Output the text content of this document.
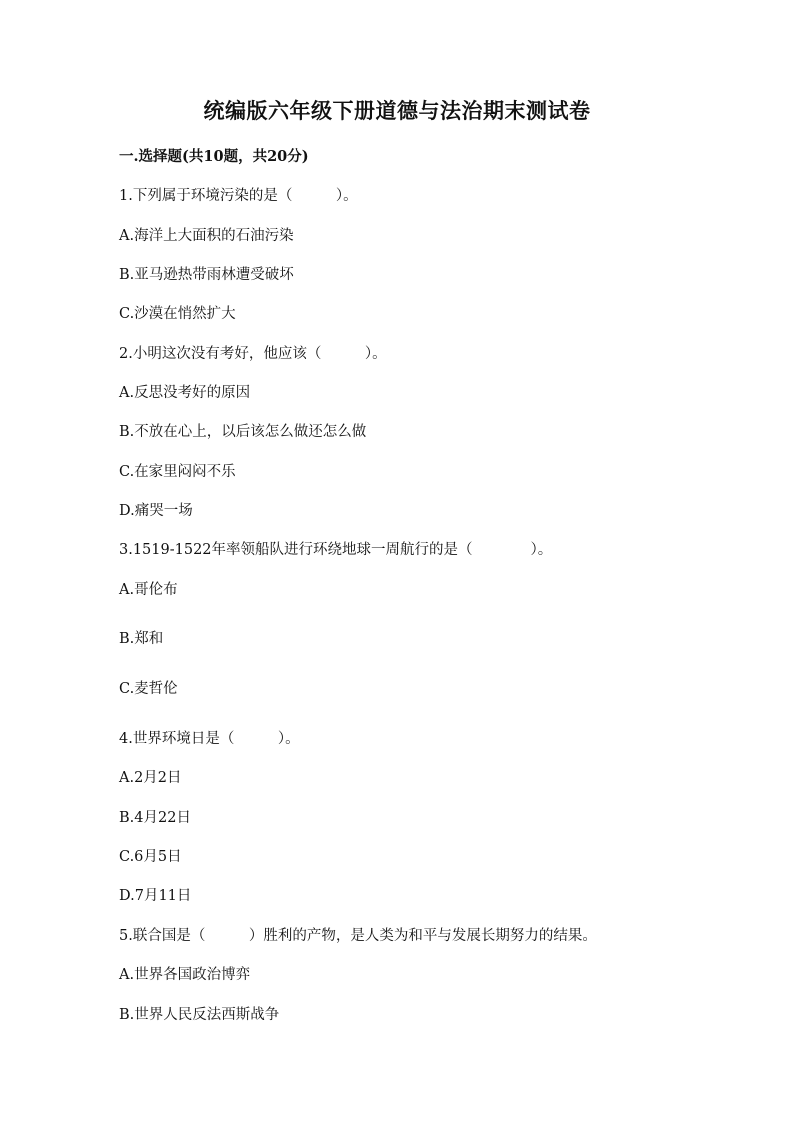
统编版六年级下册道德与法治期末测试卷
一.选择题(共10题，共20分)
1.下列属于环境污染的是（　　　）。
A.海洋上大面积的石油污染
B.亚马逊热带雨林遭受破坏
C.沙漠在悄然扩大
2.小明这次没有考好，他应该（　　　）。
A.反思没考好的原因
B.不放在心上，以后该怎么做还怎么做
C.在家里闷闷不乐
D.痛哭一场
3.1519-1522年率领船队进行环绕地球一周航行的是（　　　　）。
A.哥伦布
B.郑和
C.麦哲伦
4.世界环境日是（　　　）。
A.2月2日
B.4月22日
C.6月5日
D.7月11日
5.联合国是（　　　）胜利的产物，是人类为和平与发展长期努力的结果。
A.世界各国政治博弈
B.世界人民反法西斯战争
